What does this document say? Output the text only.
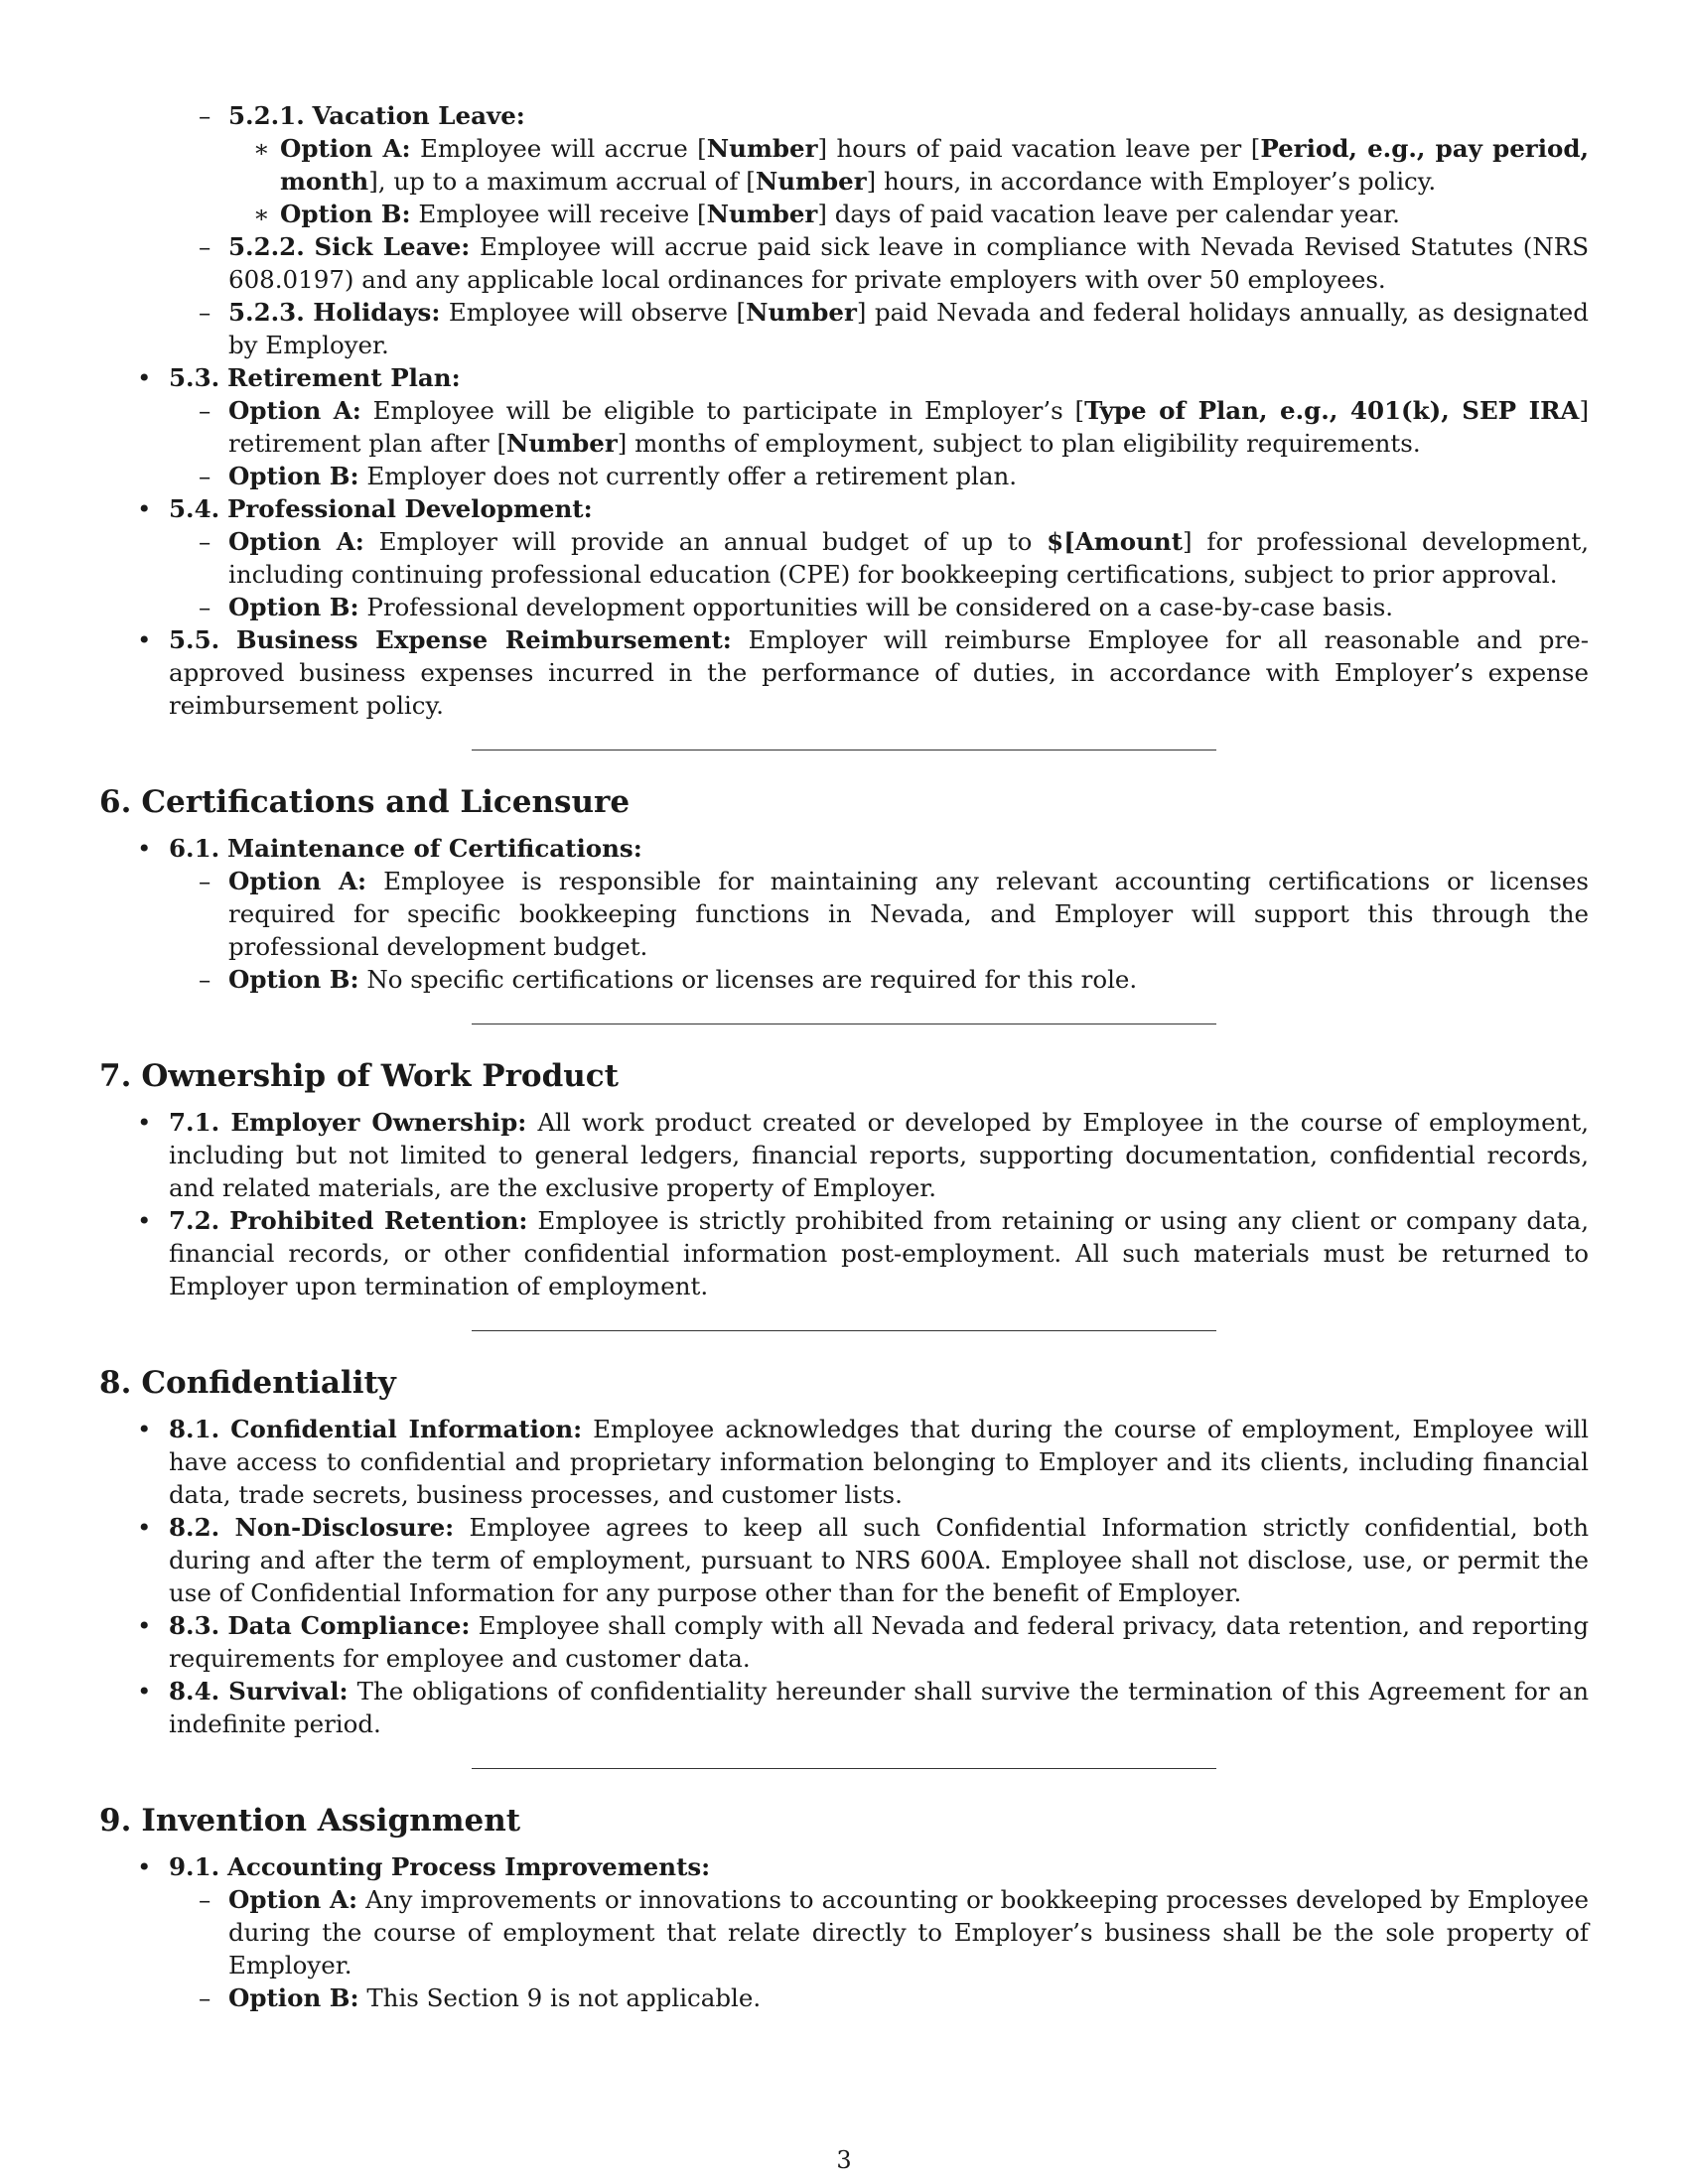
– 5.2.1. Vacation Leave:
∗ Option A: Employee will accrue [Number] hours of paid vacation leave per [Period, e.g., pay period, month], up to a maximum accrual of [Number] hours, in accordance with Employer’s policy.
∗ Option B: Employee will receive [Number] days of paid vacation leave per calendar year.
– 5.2.2. Sick Leave: Employee will accrue paid sick leave in compliance with Nevada Revised Statutes (NRS 608.0197) and any applicable local ordinances for private employers with over 50 employees.
– 5.2.3. Holidays: Employee will observe [Number] paid Nevada and federal holidays annually, as designated by Employer.
• 5.3. Retirement Plan:
– Option A: Employee will be eligible to participate in Employer’s [Type of Plan, e.g., 401(k), SEP IRA] retirement plan after [Number] months of employment, subject to plan eligibility requirements.
– Option B: Employer does not currently offer a retirement plan.
• 5.4. Professional Development:
– Option A: Employer will provide an annual budget of up to $[Amount] for professional development, including continuing professional education (CPE) for bookkeeping certifications, subject to prior approval.
– Option B: Professional development opportunities will be considered on a case-by-case basis.
• 5.5. Business Expense Reimbursement: Employer will reimburse Employee for all reasonable and pre-approved business expenses incurred in the performance of duties, in accordance with Employer’s expense reimbursement policy.
6. Certifications and Licensure
• 6.1. Maintenance of Certifications:
– Option A: Employee is responsible for maintaining any relevant accounting certifications or licenses required for specific bookkeeping functions in Nevada, and Employer will support this through the professional development budget.
– Option B: No specific certifications or licenses are required for this role.
7. Ownership of Work Product
• 7.1. Employer Ownership: All work product created or developed by Employee in the course of employment, including but not limited to general ledgers, financial reports, supporting documentation, confidential records, and related materials, are the exclusive property of Employer.
• 7.2. Prohibited Retention: Employee is strictly prohibited from retaining or using any client or company data, financial records, or other confidential information post-employment. All such materials must be returned to Employer upon termination of employment.
8. Confidentiality
• 8.1. Confidential Information: Employee acknowledges that during the course of employment, Employee will have access to confidential and proprietary information belonging to Employer and its clients, including financial data, trade secrets, business processes, and customer lists.
• 8.2. Non-Disclosure: Employee agrees to keep all such Confidential Information strictly confidential, both during and after the term of employment, pursuant to NRS 600A. Employee shall not disclose, use, or permit the use of Confidential Information for any purpose other than for the benefit of Employer.
• 8.3. Data Compliance: Employee shall comply with all Nevada and federal privacy, data retention, and reporting requirements for employee and customer data.
• 8.4. Survival: The obligations of confidentiality hereunder shall survive the termination of this Agreement for an indefinite period.
9. Invention Assignment
• 9.1. Accounting Process Improvements:
– Option A: Any improvements or innovations to accounting or bookkeeping processes developed by Employee during the course of employment that relate directly to Employer’s business shall be the sole property of Employer.
– Option B: This Section 9 is not applicable.
3
